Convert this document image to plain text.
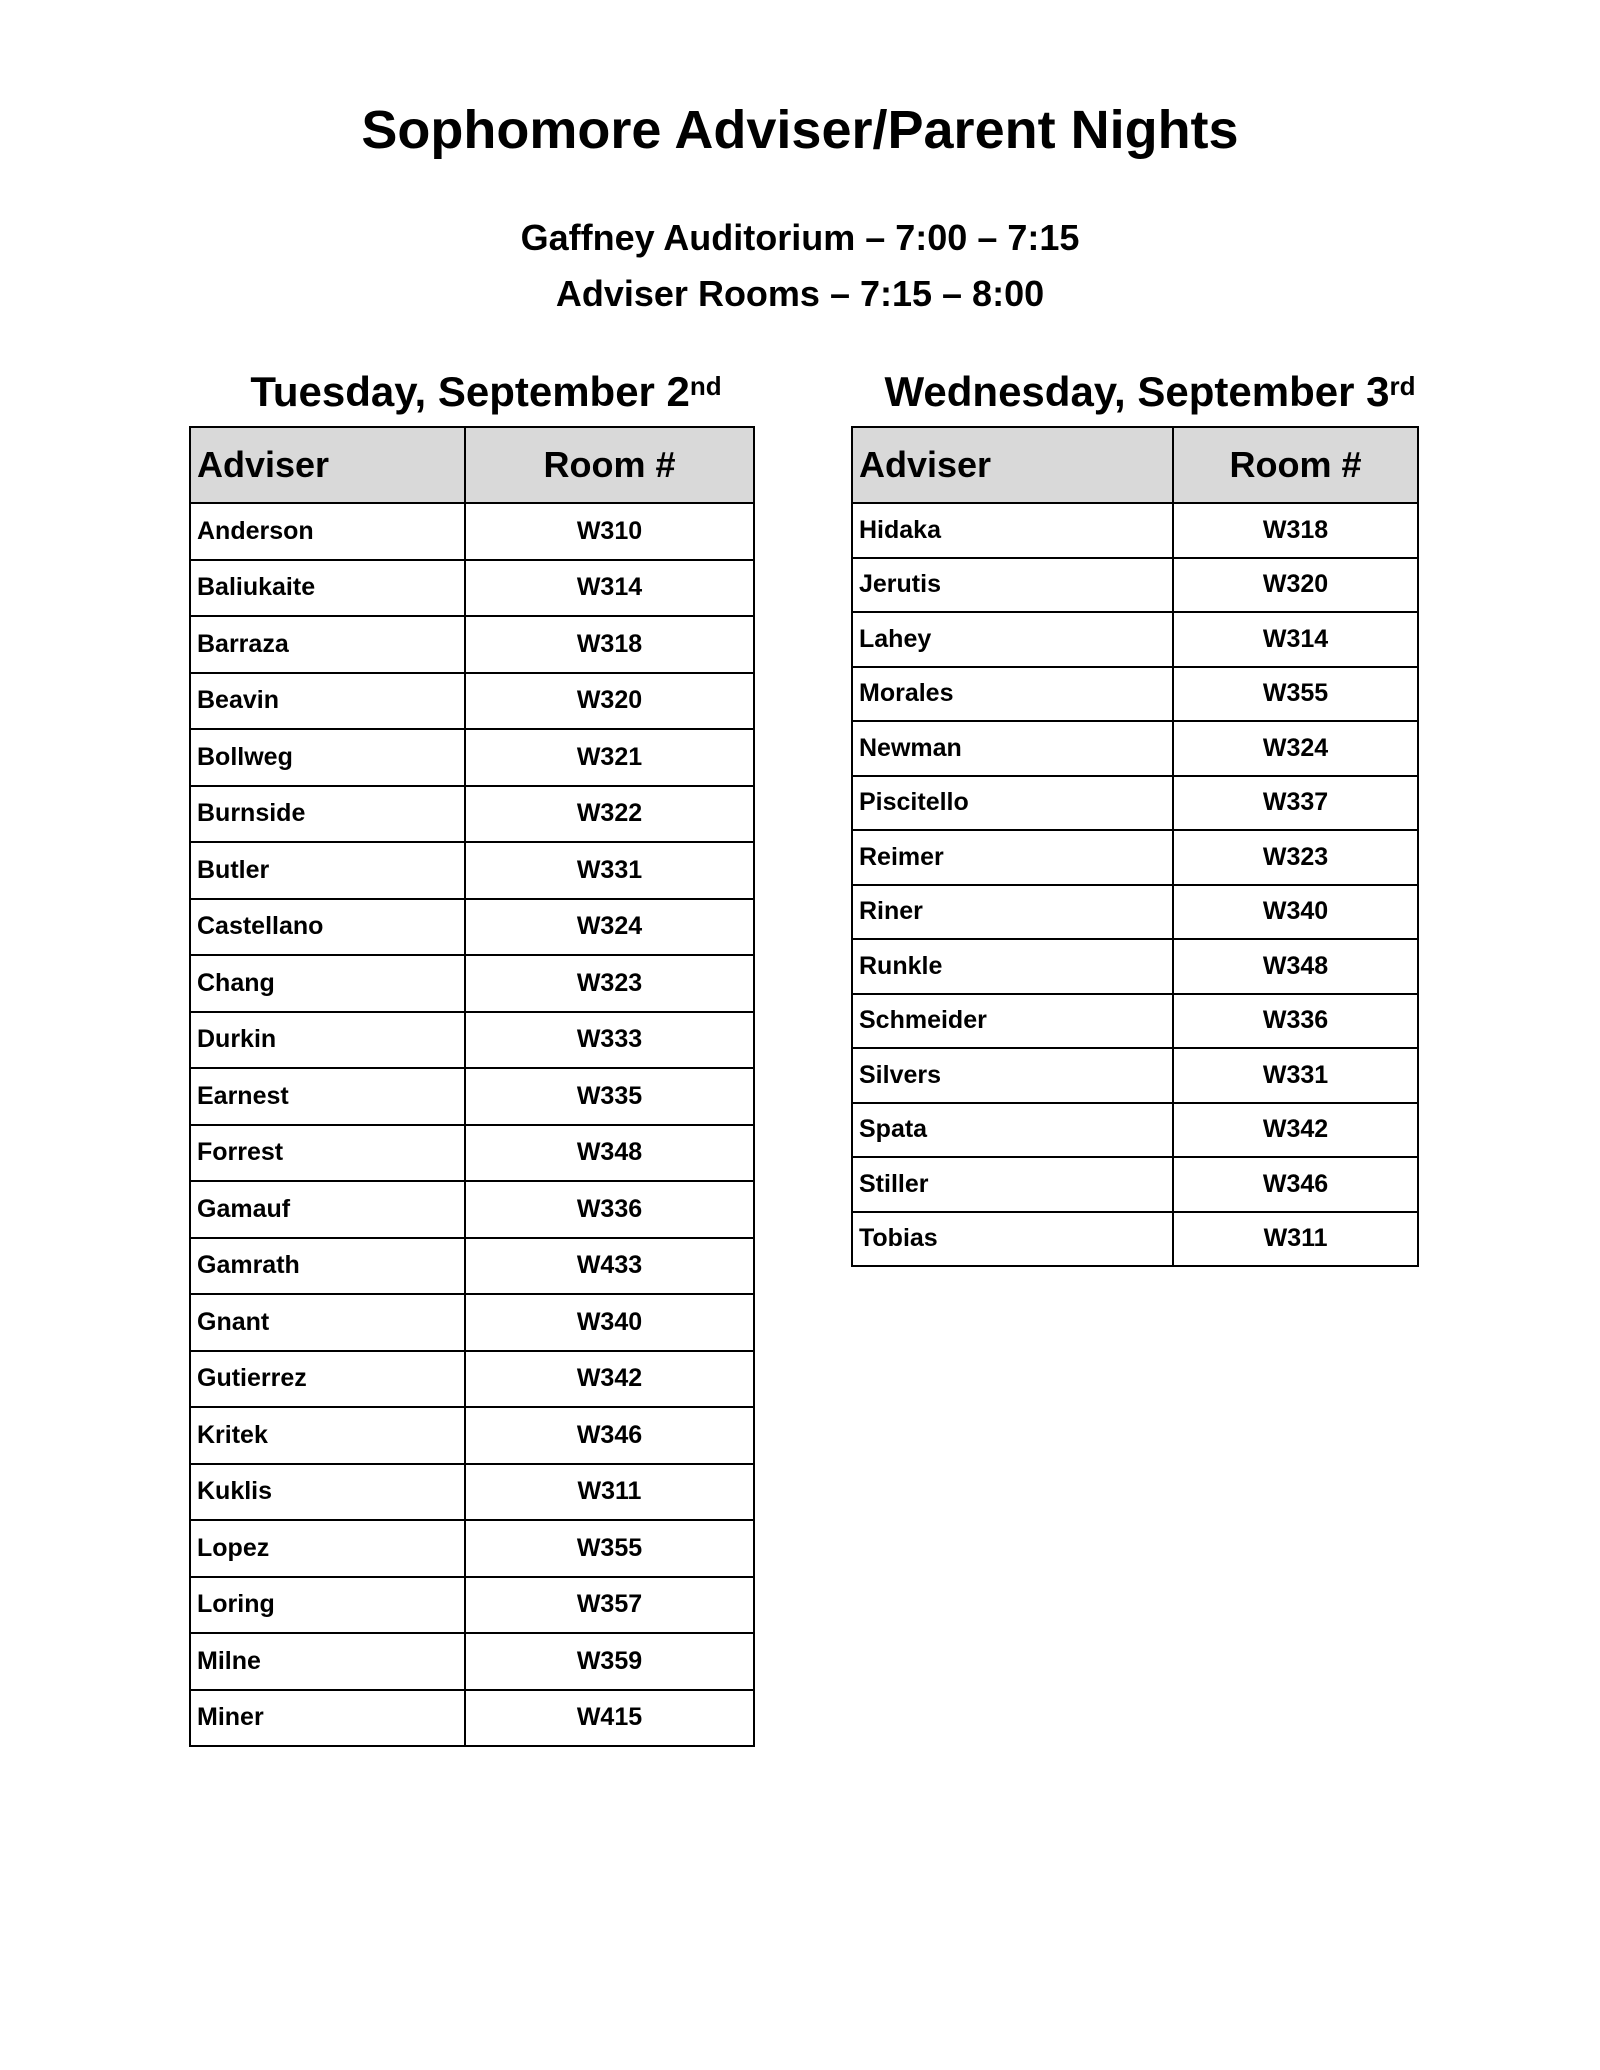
Sophomore Adviser/Parent Nights
Gaffney Auditorium – 7:00 – 7:15
Adviser Rooms – 7:15 – 8:00
Tuesday, September 2nd	Wednesday, September 3rd
Adviser	Room #
Anderson	W310
Baliukaite	W314
Barraza	W318
Beavin	W320
Bollweg	W321
Burnside	W322
Butler	W331
Castellano	W324
Chang	W323
Durkin	W333
Earnest	W335
Forrest	W348
Gamauf	W336
Gamrath	W433
Gnant	W340
Gutierrez	W342
Kritek	W346
Kuklis	W311
Lopez	W355
Loring	W357
Milne	W359
Miner	W415
Adviser	Room #
Hidaka	W318
Jerutis	W320
Lahey	W314
Morales	W355
Newman	W324
Piscitello	W337
Reimer	W323
Riner	W340
Runkle	W348
Schmeider	W336
Silvers	W331
Spata	W342
Stiller	W346
Tobias	W311
